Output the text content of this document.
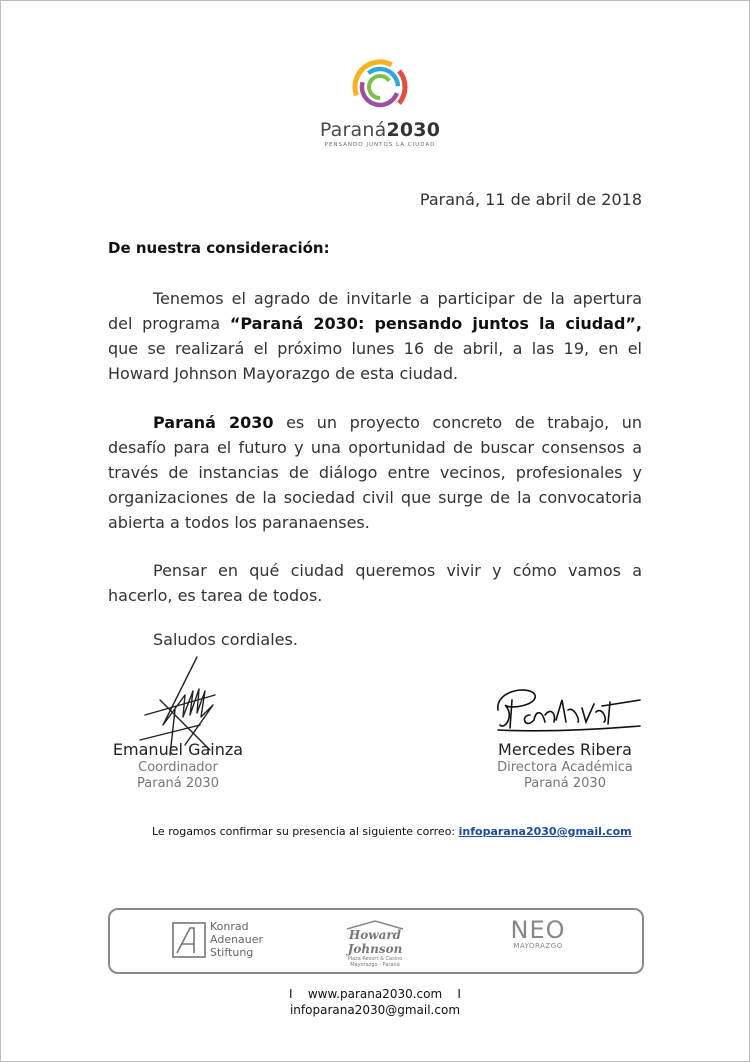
Paraná2030
PENSANDO JUNTOS LA CIUDAD
Paraná, 11 de abril de 2018
De nuestra consideración:
Tenemos el agrado de invitarle a participar de la apertura del programa “Paraná 2030: pensando juntos la ciudad”, que se realizará el próximo lunes 16 de abril, a las 19, en el Howard Johnson Mayorazgo de esta ciudad.
Paraná 2030 es un proyecto concreto de trabajo, un desafío para el futuro y una oportunidad de buscar consensos a través de instancias de diálogo entre vecinos, profesionales y organizaciones de la sociedad civil que surge de la convocatoria abierta a todos los paranaenses.
Pensar en qué ciudad queremos vivir y cómo vamos a hacerlo, es tarea de todos.
Saludos cordiales.
Emanuel Gainza
Coordinador
Paraná 2030
Mercedes Ribera
Directora Académica
Paraná 2030
Le rogamos confirmar su presencia al siguiente correo: infoparana2030@gmail.com
Konrad
Adenauer
Stiftung
Howard Johnson
Plaza Resort & Casino
Mayorazgo - Paraná
NEO
MAYORAZGO
I    www.parana2030.com    I
infoparana2030@gmail.com
